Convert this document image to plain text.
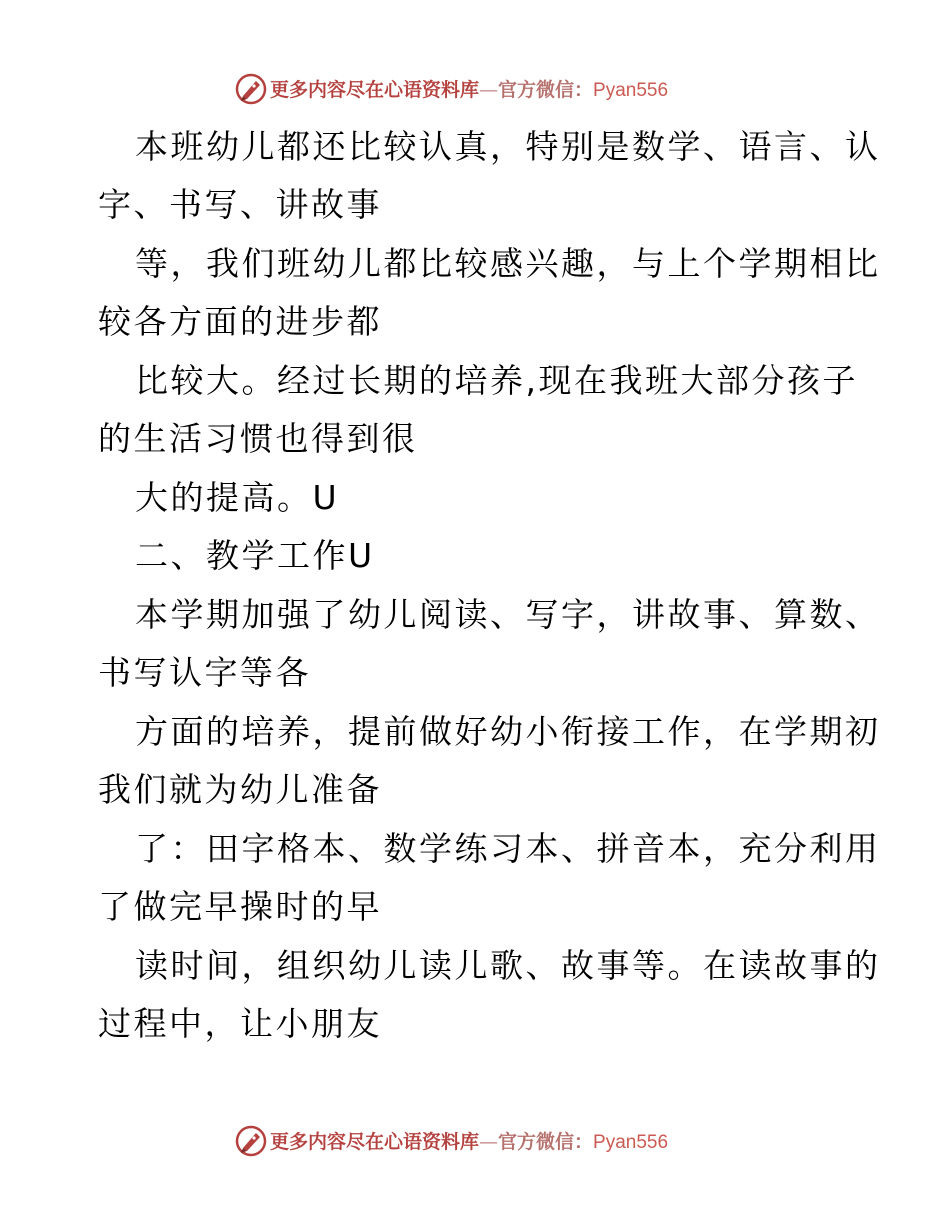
更多内容尽在心语资料库—官方微信：Pyan556
本班幼儿都还比较认真，特别是数学、语言、认
字、书写、讲故事
等，我们班幼儿都比较感兴趣，与上个学期相比
较各方面的进步都
比较大。经过长期的培养,现在我班大部分孩子
的生活习惯也得到很
大的提高。U
二、教学工作U
本学期加强了幼儿阅读、写字，讲故事、算数、
书写认字等各
方面的培养，提前做好幼小衔接工作，在学期初
我们就为幼儿准备
了：田字格本、数学练习本、拼音本，充分利用
了做完早操时的早
读时间，组织幼儿读儿歌、故事等。在读故事的
过程中，让小朋友
更多内容尽在心语资料库—官方微信：Pyan556
